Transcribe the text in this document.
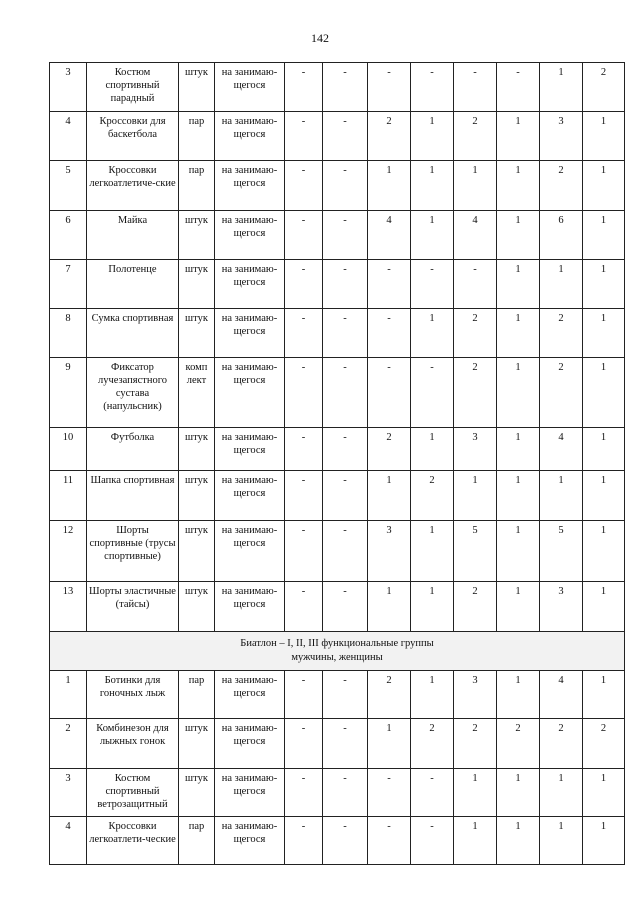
142
3	Костюм спортивный парадный	штук	на занимаю-щегося	-	-	-	-	-	-	1	2
4	Кроссовки для баскетбола	пар	на занимаю-щегося	-	-	2	1	2	1	3	1
5	Кроссовки легкоатлетиче-ские	пар	на занимаю-щегося	-	-	1	1	1	1	2	1
6	Майка	штук	на занимаю-щегося	-	-	4	1	4	1	6	1
7	Полотенце	штук	на занимаю-щегося	-	-	-	-	-	1	1	1
8	Сумка спортивная	штук	на занимаю-щегося	-	-	-	1	2	1	2	1
9	Фиксатор лучезапястного сустава (напульсник)	комп лект	на занимаю-щегося	-	-	-	-	2	1	2	1
10	Футболка	штук	на занимаю-щегося	-	-	2	1	3	1	4	1
11	Шапка спортивная	штук	на занимаю-щегося	-	-	1	2	1	1	1	1
12	Шорты спортивные (трусы спортивные)	штук	на занимаю-щегося	-	-	3	1	5	1	5	1
13	Шорты эластичные (тайсы)	штук	на занимаю-щегося	-	-	1	1	2	1	3	1

Биатлон – I, II, III функциональные группы
мужчины, женщины											

1	Ботинки для гоночных лыж	пар	на занимаю-щегося	-	-	2	1	3	1	4	1
2	Комбинезон для лыжных гонок	штук	на занимаю-щегося	-	-	1	2	2	2	2	2
3	Костюм спортивный ветрозащитный	штук	на занимаю-щегося	-	-	-	-	1	1	1	1
4	Кроссовки легкоатлети-ческие	пар	на занимаю-щегося	-	-	-	-	1	1	1	1
